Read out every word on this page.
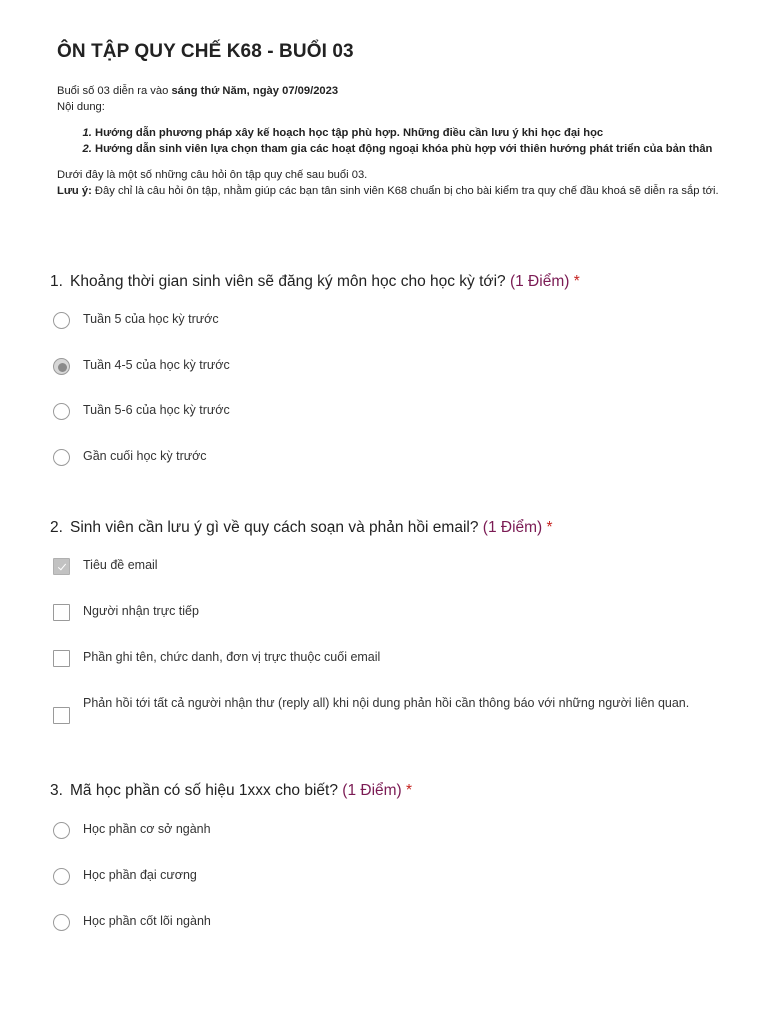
ÔN TẬP QUY CHẾ K68 - BUỔI 03

Buổi số 03 diễn ra vào sáng thứ Năm, ngày 07/09/2023

Nội dung:

1. Hướng dẫn phương pháp xây kế hoạch học tập phù hợp. Những điều cần lưu ý khi học đại học
2. Hướng dẫn sinh viên lựa chọn tham gia các hoạt động ngoại khóa phù hợp với thiên hướng phát triển của bản thân

Dưới đây là một số những câu hỏi ôn tập quy chế sau buổi 03.

Lưu ý: Đây chỉ là câu hỏi ôn tập, nhằm giúp các bạn tân sinh viên K68 chuẩn bị cho bài kiểm tra quy chế đầu khoá sẽ diễn ra sắp tới.

1. Khoảng thời gian sinh viên sẽ đăng ký môn học cho học kỳ tới? (1 Điểm) *
Tuần 5 của học kỳ trước
Tuần 4-5 của học kỳ trước
Tuần 5-6 của học kỳ trước
Gần cuối học kỳ trước
2. Sinh viên cần lưu ý gì về quy cách soạn và phản hồi email? (1 Điểm) *
Tiêu đề email
Người nhận trực tiếp
Phần ghi tên, chức danh, đơn vị trực thuộc cuối email
Phản hồi tới tất cả người nhận thư (reply all) khi nội dung phản hồi cần thông báo với những người liên quan.
3. Mã học phần có số hiệu 1xxx cho biết? (1 Điểm) *
Học phần cơ sở ngành
Học phần đại cương
Học phần cốt lõi ngành
